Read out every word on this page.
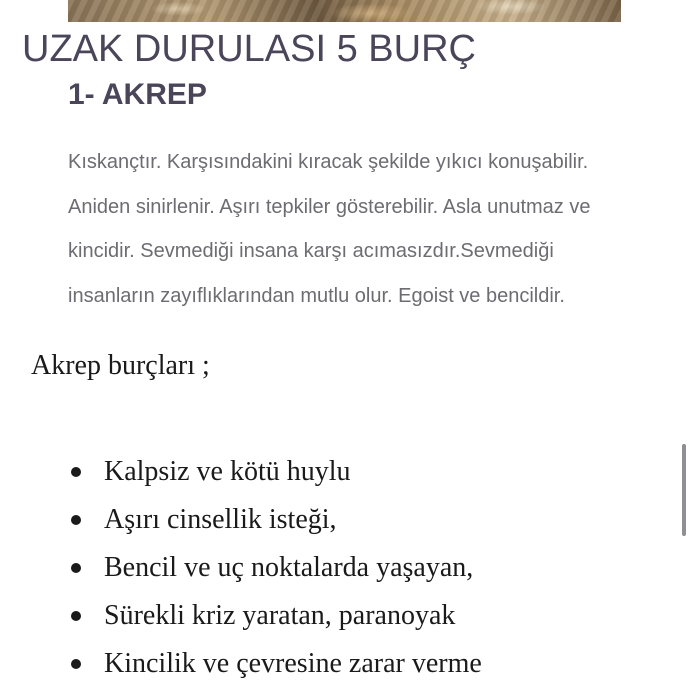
UZAK DURULASI 5 BURÇ
1- AKREP

Kıskançtır. Karşısındakini kıracak şekilde yıkıcı konuşabilir. Aniden sinirlenir. Aşırı tepkiler gösterebilir. Asla unutmaz ve kincidir. Sevmediği insana karşı acımasızdır.Sevmediği insanların zayıflıklarından mutlu olur. Egoist ve bencildir.

Akrep burçları ;

Kalpsiz ve kötü huylu
Aşırı cinsellik isteği,
Bencil ve uç noktalarda yaşayan,
Sürekli kriz yaratan, paranoyak
Kincilik ve çevresine zarar verme
